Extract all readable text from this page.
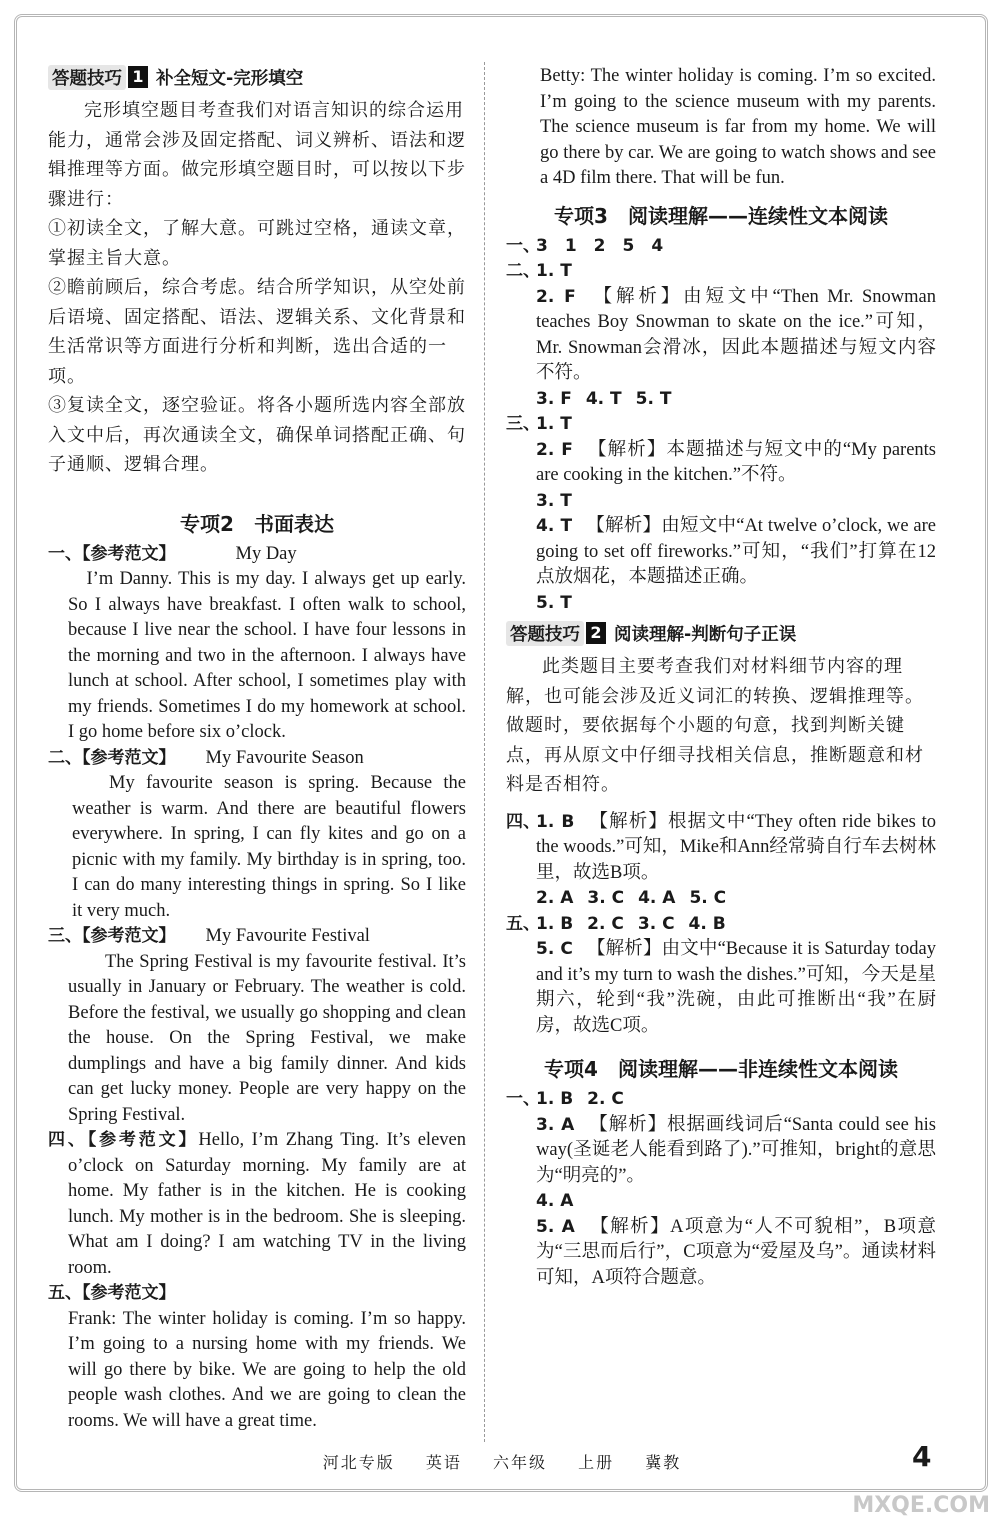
答题技巧 1 补全短文-完形填空
完形填空题目考查我们对语言知识的综合运用能力，通常会涉及固定搭配、词义辨析、语法和逻辑推理等方面。做完形填空题目时，可以按以下步骤进行：
①初读全文，了解大意。可跳过空格，通读文章，掌握主旨大意。
②瞻前顾后，综合考虑。结合所学知识，从空处前后语境、固定搭配、语法、逻辑关系、文化背景和生活常识等方面进行分析和判断，选出合适的一项。
③复读全文，逐空验证。将各小题所选内容全部放入文中后，再次通读全文，确保单词搭配正确、句子通顺、逻辑合理。
专项2　书面表达
一、【参考范文】	My Day
I’m Danny. This is my day. I always get up early. So I always have breakfast. I often walk to school, because I live near the school. I have four lessons in the morning and two in the afternoon. I always have lunch at school. After school, I sometimes play with my friends. Sometimes I do my homework at school. I go home before six o’clock.
二、【参考范文】 My Favourite Season
My favourite season is spring. Because the weather is warm. And there are beautiful flowers everywhere. In spring, I can fly kites and go on a picnic with my family. My birthday is in spring, too. I can do many interesting things in spring. So I like it very much.
三、【参考范文】 My Favourite Festival
The Spring Festival is my favourite festival. It’s usually in January or February. The weather is cold. Before the festival, we usually go shopping and clean the house. On the Spring Festival, we make dumplings and have a big family dinner. And kids can get lucky money. People are very happy on the Spring Festival.
四、【参考范文】Hello, I’m Zhang Ting. It’s eleven o’clock on Saturday morning. My family are at home. My father is in the kitchen. He is cooking lunch. My mother is in the bedroom. She is sleeping. What am I doing? I am watching TV in the living room.
五、【参考范文】
Frank: The winter holiday is coming. I’m so happy. I’m going to a nursing home with my friends. We will go there by bike. We are going to help the old people wash clothes. And we are going to clean the rooms. We will have a great time.
Betty: The winter holiday is coming. I’m so excited. I’m going to the science museum with my parents. The science museum is far from my home. We will go there by car. We are going to watch shows and see a 4D film there. That will be fun.
专项3　阅读理解——连续性文本阅读
一、
3　1　2　5　4
二、
1. T
2. F 【解析】由短文中“Then Mr. Snowman teaches Boy Snowman to skate on the ice.”可知，Mr. Snowman会滑冰，因此本题描述与短文内容不符。
3. F 4. T 5. T
三、
1. T
2. F 【解析】本题描述与短文中的“My parents are cooking in the kitchen.”不符。
3. T
4. T 【解析】由短文中“At twelve o’clock, we are going to set off fireworks.”可知，“我们”打算在12点放烟花，本题描述正确。
5. T
答题技巧 2 阅读理解-判断句子正误
此类题目主要考查我们对材料细节内容的理解，也可能会涉及近义词汇的转换、逻辑推理等。做题时，要依据每个小题的句意，找到判断关键点，再从原文中仔细寻找相关信息，推断题意和材料是否相符。
四、
1. B 【解析】根据文中“They often ride bikes to the woods.”可知，Mike和Ann经常骑自行车去树林里，故选B项。
2. A 3. C 4. A 5. C
五、
1. B 2. C 3. C 4. B
5. C 【解析】由文中“Because it is Saturday today and it’s my turn to wash the dishes.”可知，今天是星期六，轮到“我”洗碗，由此可推断出“我”在厨房，故选C项。
专项4　阅读理解——非连续性文本阅读
一、
1. B 2. C
3. A 【解析】根据画线词后“Santa could see his way(圣诞老人能看到路了).”可推知，bright的意思为“明亮的”。
4. A
5. A 【解析】A项意为“人不可貌相”，B项意为“三思而后行”，C项意为“爱屋及乌”。通读材料可知，A项符合题意。
河北专版 英语 六年级 上册 冀教	4
MXQE.COM
